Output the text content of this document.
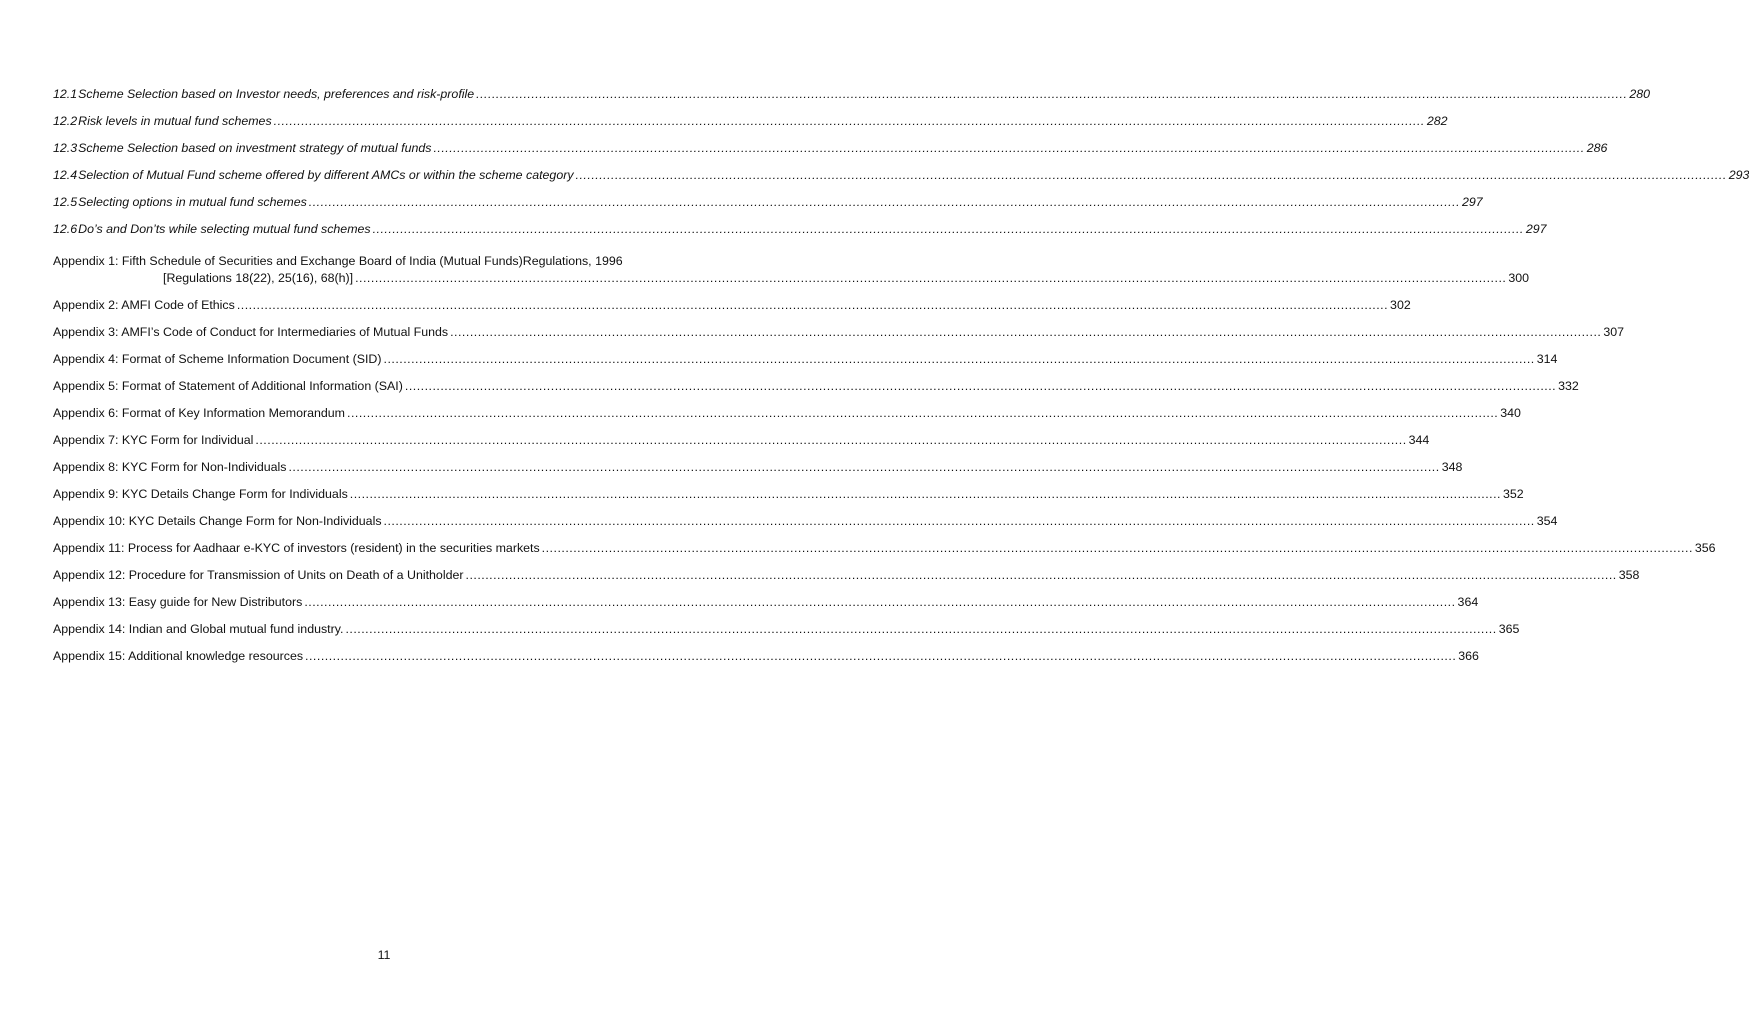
12.1 Scheme Selection based on Investor needs, preferences and risk-profile .....	280
12.2 Risk levels in mutual fund schemes .....	282
12.3 Scheme Selection based on investment strategy of mutual funds .....	286
12.4 Selection of Mutual Fund scheme offered by different AMCs or within the scheme category .....	293
12.5 Selecting options in mutual fund schemes .....	297
12.6 Do’s and Don’ts while selecting mutual fund schemes .....	297
Appendix 1: Fifth Schedule of Securities and Exchange Board of India (Mutual Funds)Regulations, 1996
[Regulations 18(22), 25(16), 68(h)] .....	300
Appendix 2: AMFI Code of Ethics .....	302
Appendix 3: AMFI’s Code of Conduct for Intermediaries of Mutual Funds .....	307
Appendix 4: Format of Scheme Information Document (SID) .....	314
Appendix 5: Format of Statement of Additional Information (SAI) .....	332
Appendix 6: Format of Key Information Memorandum .....	340
Appendix 7: KYC Form for Individual .....	344
Appendix 8: KYC Form for Non-Individuals .....	348
Appendix 9: KYC Details Change Form for Individuals .....	352
Appendix 10: KYC Details Change Form for Non-Individuals .....	354
Appendix 11: Process for Aadhaar e-KYC of investors (resident) in the securities markets .....	356
Appendix 12: Procedure for Transmission of Units on Death of a Unitholder .....	358
Appendix 13: Easy guide for New Distributors .....	364
Appendix 14: Indian and Global mutual fund industry. .....	365
Appendix 15: Additional knowledge resources .....	366
11
